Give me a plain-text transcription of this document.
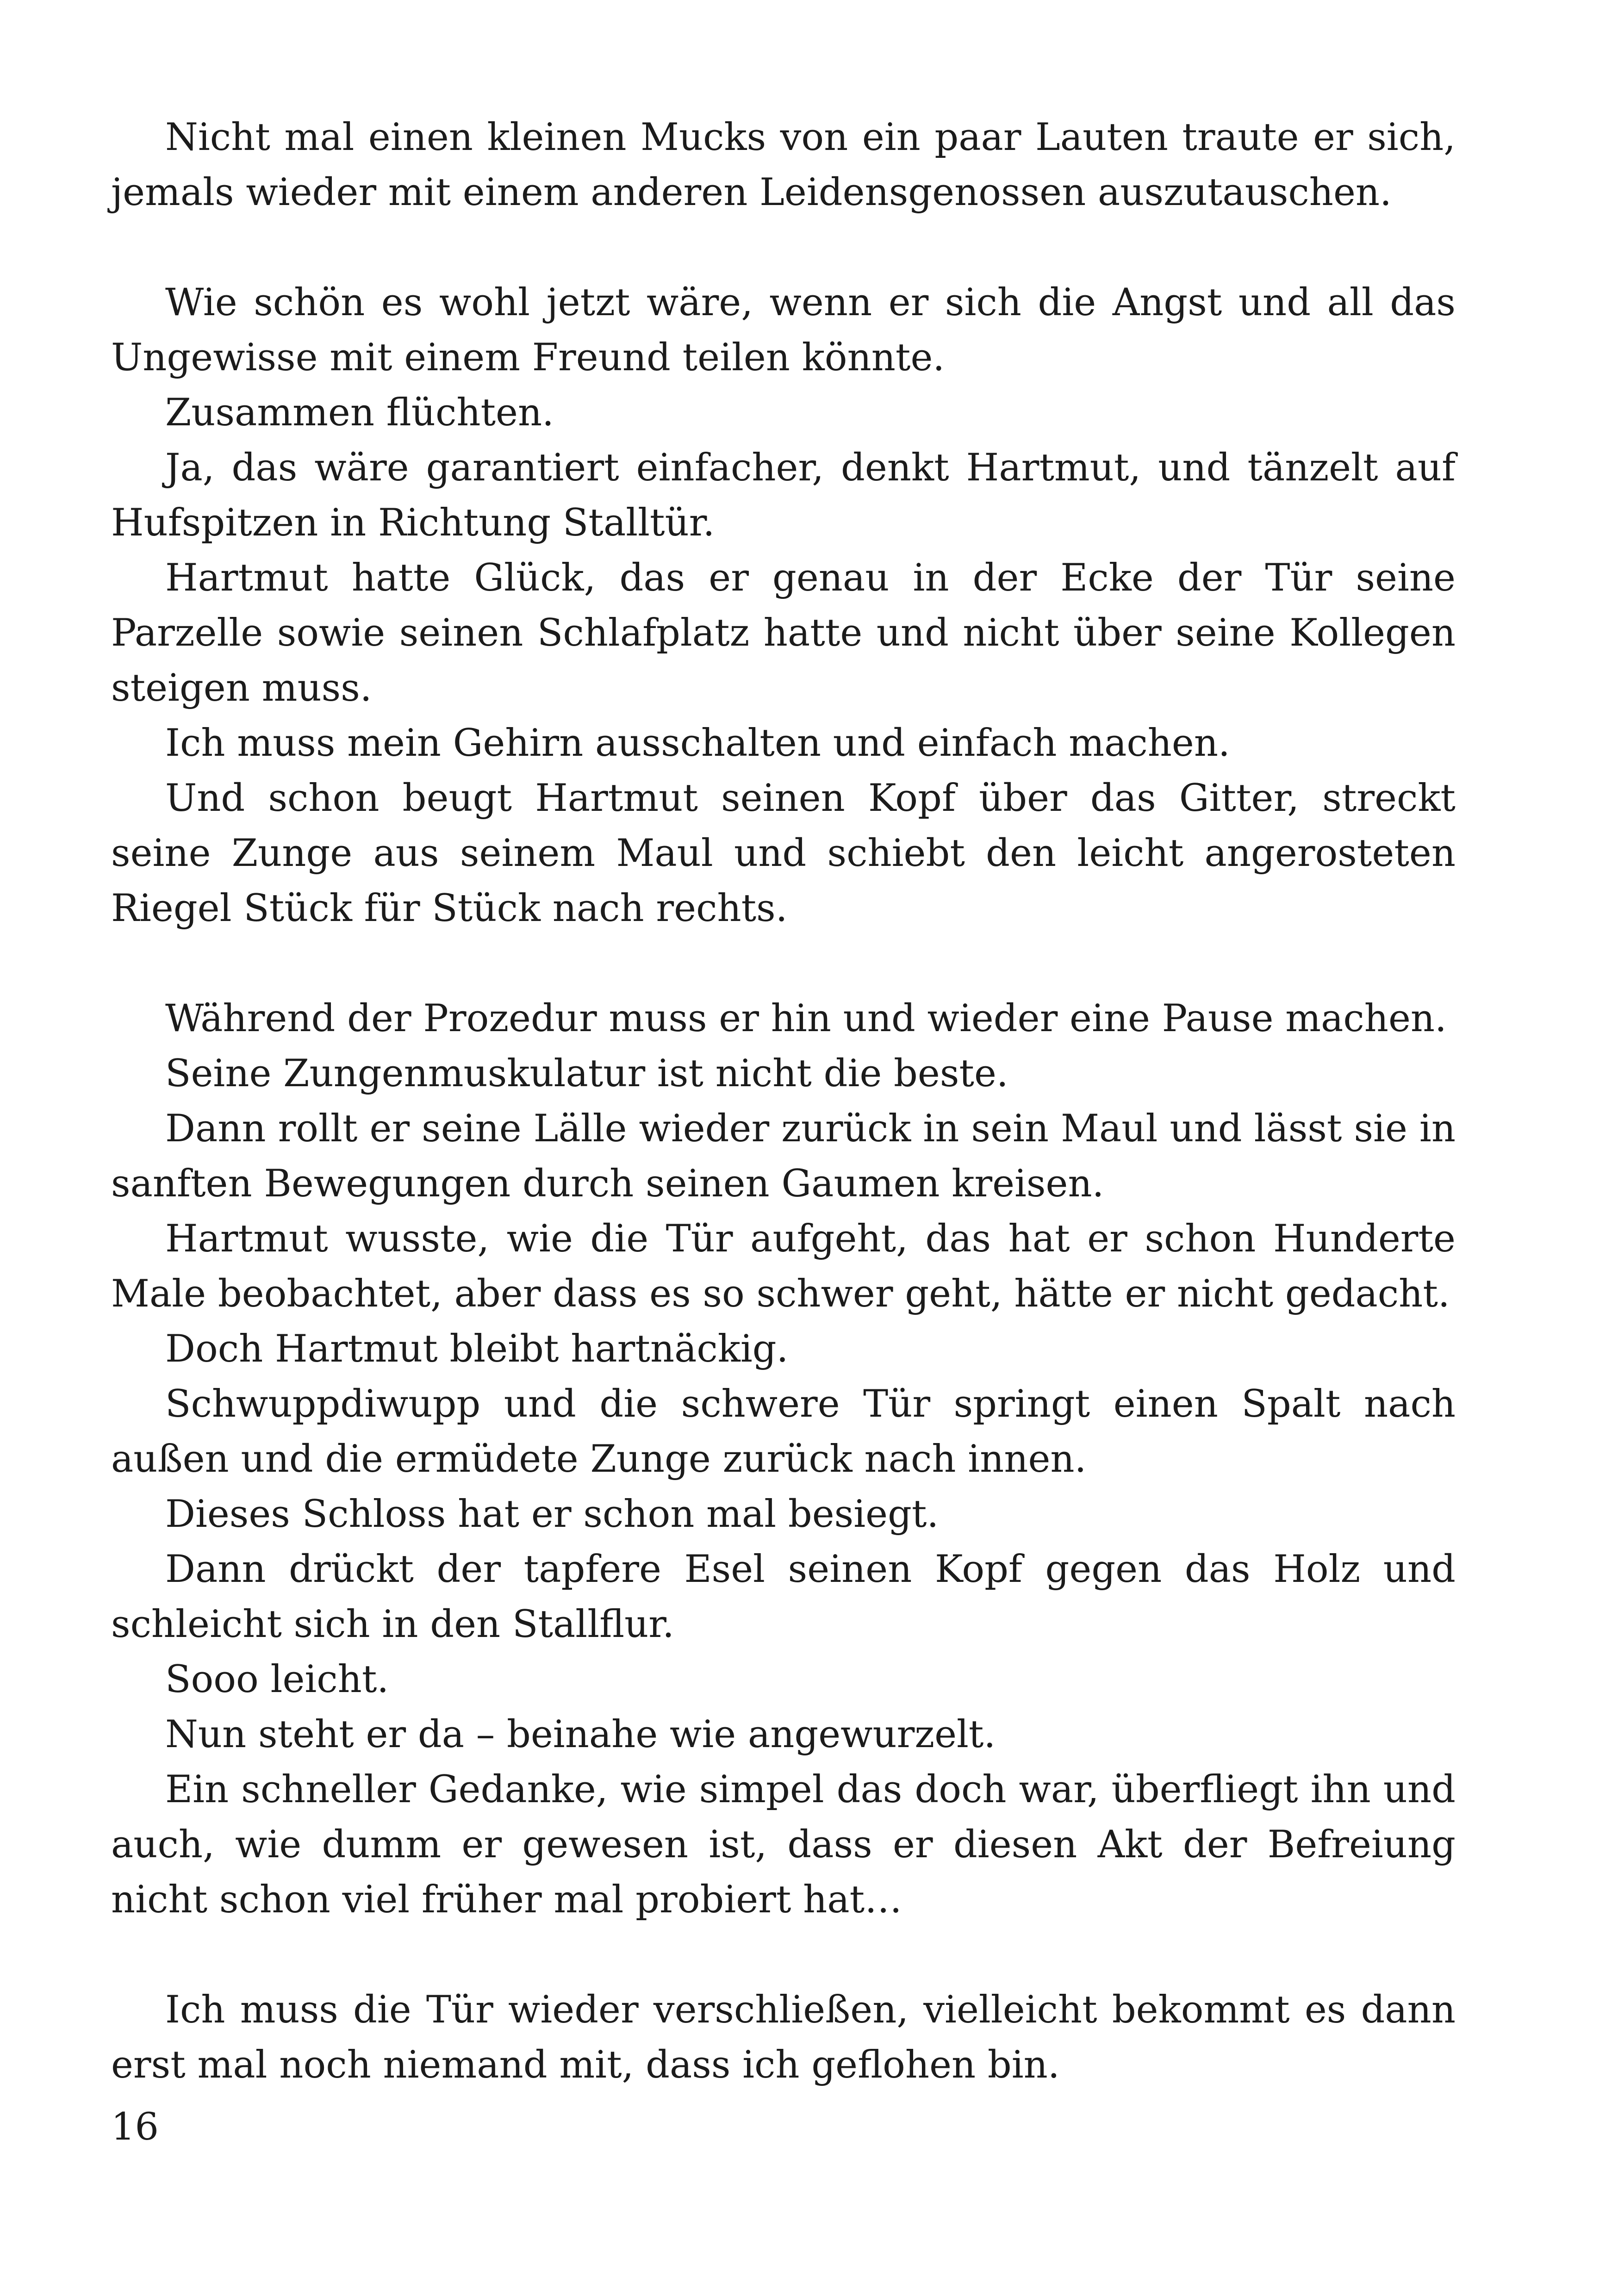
Nicht mal einen kleinen Mucks von ein paar Lauten traute er sich, jemals wieder mit einem anderen Leidensgenossen auszutauschen.

Wie schön es wohl jetzt wäre, wenn er sich die Angst und all das Ungewisse mit einem Freund teilen könnte.

Zusammen flüchten.

Ja, das wäre garantiert einfacher, denkt Hartmut, und tänzelt auf Hufspitzen in Richtung Stalltür.

Hartmut hatte Glück, das er genau in der Ecke der Tür seine Parzelle sowie seinen Schlafplatz hatte und nicht über seine Kollegen steigen muss.

Ich muss mein Gehirn ausschalten und einfach machen.

Und schon beugt Hartmut seinen Kopf über das Gitter, streckt seine Zunge aus seinem Maul und schiebt den leicht angerosteten Riegel Stück für Stück nach rechts.

Während der Prozedur muss er hin und wieder eine Pause machen.

Seine Zungenmuskulatur ist nicht die beste.

Dann rollt er seine Lälle wieder zurück in sein Maul und lässt sie in sanften Bewegungen durch seinen Gaumen kreisen.

Hartmut wusste, wie die Tür aufgeht, das hat er schon Hunderte Male beobachtet, aber dass es so schwer geht, hätte er nicht gedacht.

Doch Hartmut bleibt hartnäckig.

Schwuppdiwupp und die schwere Tür springt einen Spalt nach außen und die ermüdete Zunge zurück nach innen.

Dieses Schloss hat er schon mal besiegt.

Dann drückt der tapfere Esel seinen Kopf gegen das Holz und schleicht sich in den Stallflur.

Sooo leicht.

Nun steht er da – beinahe wie angewurzelt.

Ein schneller Gedanke, wie simpel das doch war, überfliegt ihn und auch, wie dumm er gewesen ist, dass er diesen Akt der Befreiung nicht schon viel früher mal probiert hat…

Ich muss die Tür wieder verschließen, vielleicht bekommt es dann erst mal noch niemand mit, dass ich geflohen bin.

16
